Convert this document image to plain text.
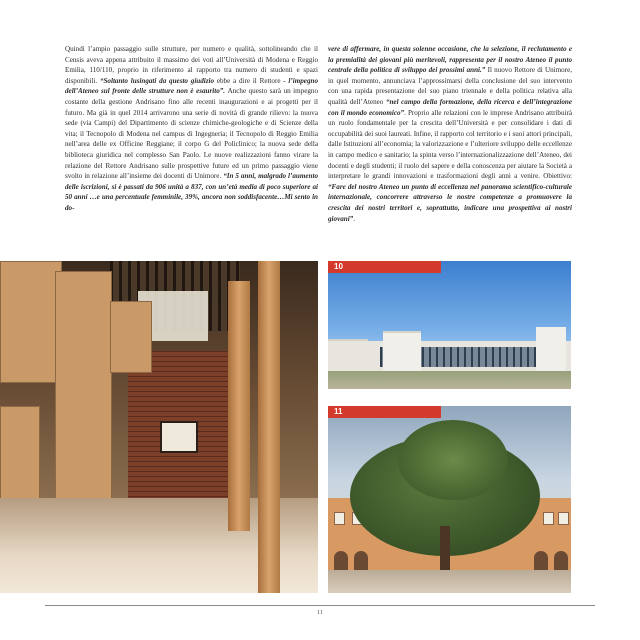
Quindi l’ampio passaggio sulle strutture, per numero e qualità, sottolineando che il Censis aveva appena attribuito il massimo dei voti all’Università di Modena e Reggio Emilia, 110/110, proprio in riferimento al rapporto tra numero di studenti e spazi disponibili. “Soltanto lusingati da questo giudizio ebbe a dire il Rettore - l’impegno dell’Ateneo sul fronte delle strutture non è esaurito”. Anche questo sarà un impegno costante della gestione Andrisano fino alle recenti inaugurazioni e ai progetti per il futuro. Ma già in quel 2014 arrivarono una serie di novità di grande rilievo: la nuova sede (via Campi) del Dipartimento di scienze chimiche-geologiche e di Scienze della vita; il Tecnopolo di Modena nel campus di Ingegneria; il Tecnopolo di Reggio Emilia nell’area delle ex Officine Reggiane; il corpo G del Policlinico; la nuova sede della biblioteca giuridica nel complesso San Paolo. Le nuove realizzazioni fanno virare la relazione del Rettore Andrisano sulle prospettive future ed un primo passaggio viene svolto in relazione all’insieme dei docenti di Unimore. “In 5 anni, malgrado l’aumento delle iscrizioni, si è passati da 906 unità a 837, con un’età media di poco superiore ai 50 anni …e una percentuale femminile, 39%, ancora non soddisfacente…Mi sento in do-

vere di affermare, in questa solenne occasione, che la selezione, il reclutamento e la premialità dei giovani più meritevoli, rappresenta per il nostro Ateneo il punto centrale della politica di sviluppo dei prossimi anni.” Il nuovo Rettore di Unimore, in quel momento, annunciava l’approssimarsi della conclusione del suo intervento con una rapida presentazione del suo piano triennale e della politica relativa alla qualità dell’Ateneo “nel campo della formazione, della ricerca e dell’integrazione con il mondo economico”. Proprio alle relazioni con le imprese Andrisano attribuirà un ruolo fondamentale per la crescita dell’Università e per consolidare i dati di occupabilità dei suoi laureati. Infine, il rapporto col territorio e i suoi attori principali, dalle Istituzioni all’economia; la valorizzazione e l’ulteriore sviluppo delle eccellenze in campo medico e sanitario; la spinta verso l’internazionalizzazione dell’Ateneo, dei docenti e degli studenti; il ruolo del sapere e della conoscenza per aiutare la Società a interpretare le grandi innovazioni e trasformazioni degli anni a venire. Obiettivo: “Fare del nostro Ateneo un punto di eccellenza nel panorama scientifico-culturale internazionale, concorrere attraverso le nostre competenze a promuovere la crescita dei nostri territori e, soprattutto, indicare una prospettiva ai nostri giovani”.

10
11
11
